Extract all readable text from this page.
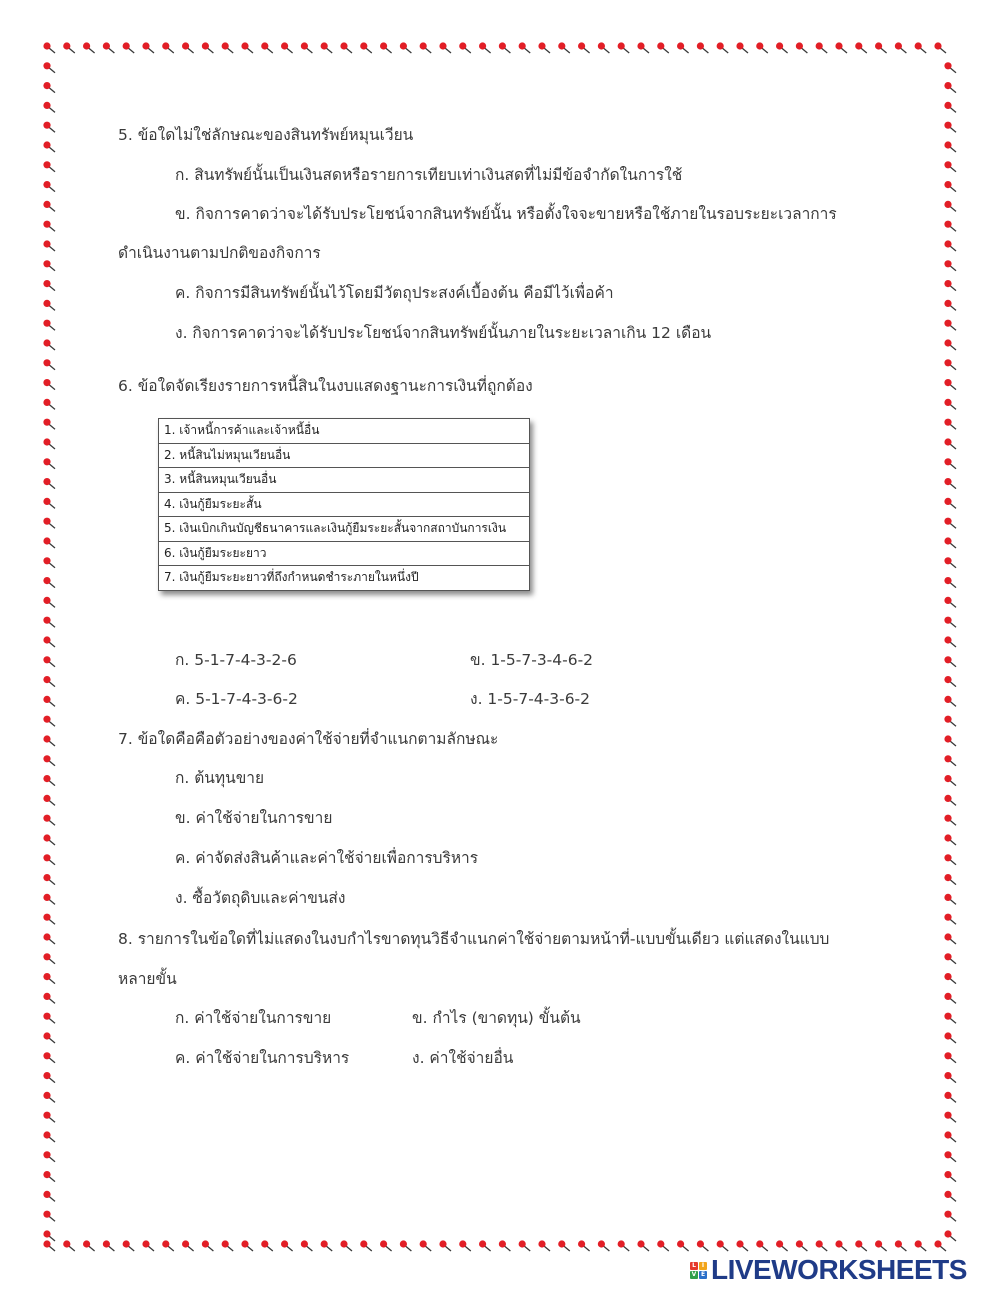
5. ข้อใดไม่ใช่ลักษณะของสินทรัพย์หมุนเวียน
ก. สินทรัพย์นั้นเป็นเงินสดหรือรายการเทียบเท่าเงินสดที่ไม่มีข้อจำกัดในการใช้
ข. กิจการคาดว่าจะได้รับประโยชน์จากสินทรัพย์นั้น หรือตั้งใจจะขายหรือใช้ภายในรอบระยะเวลาการ
ดำเนินงานตามปกติของกิจการ
ค. กิจการมีสินทรัพย์นั้นไว้โดยมีวัตถุประสงค์เบื้องต้น คือมีไว้เพื่อค้า
ง. กิจการคาดว่าจะได้รับประโยชน์จากสินทรัพย์นั้นภายในระยะเวลาเกิน 12 เดือน
6. ข้อใดจัดเรียงรายการหนี้สินในงบแสดงฐานะการเงินที่ถูกต้อง
1. เจ้าหนี้การค้าและเจ้าหนี้อื่น
2. หนี้สินไม่หมุนเวียนอื่น
3. หนี้สินหมุนเวียนอื่น
4. เงินกู้ยืมระยะสั้น
5. เงินเบิกเกินบัญชีธนาคารและเงินกู้ยืมระยะสั้นจากสถาบันการเงิน
6. เงินกู้ยืมระยะยาว
7. เงินกู้ยืมระยะยาวที่ถึงกำหนดชำระภายในหนึ่งปี
ก. 5-1-7-4-3-2-6	ข. 1-5-7-3-4-6-2
ค. 5-1-7-4-3-6-2	ง. 1-5-7-4-3-6-2
7. ข้อใดคือคือตัวอย่างของค่าใช้จ่ายที่จำแนกตามลักษณะ
ก. ต้นทุนขาย
ข. ค่าใช้จ่ายในการขาย
ค. ค่าจัดส่งสินค้าและค่าใช้จ่ายเพื่อการบริหาร
ง. ซื้อวัตถุดิบและค่าขนส่ง
8. รายการในข้อใดที่ไม่แสดงในงบกำไรขาดทุนวิธีจำแนกค่าใช้จ่ายตามหน้าที่-แบบขั้นเดียว แต่แสดงในแบบ
หลายขั้น
ก. ค่าใช้จ่ายในการขาย	ข. กำไร (ขาดทุน) ขั้นต้น
ค. ค่าใช้จ่ายในการบริหาร	ง. ค่าใช้จ่ายอื่น
L I
V E LIVEWORKSHEETS
